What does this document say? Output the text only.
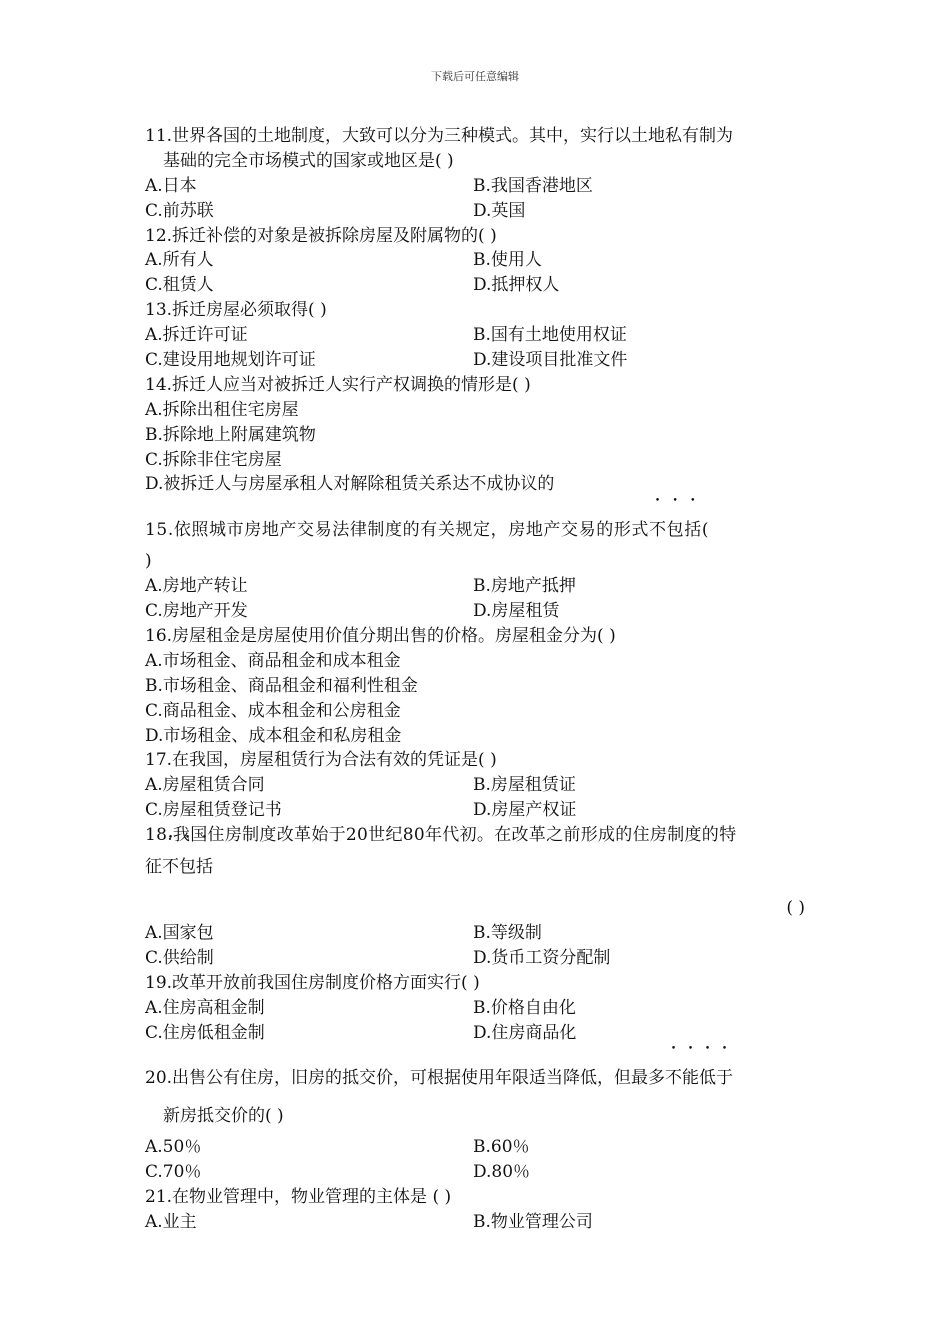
下载后可任意编辑
11.世界各国的土地制度，大致可以分为三种模式。其中，实行以土地私有制为
基础的完全市场模式的国家或地区是( )
A.日本	B.我国香港地区
C.前苏联	D.英国
12.拆迁补偿的对象是被拆除房屋及附属物的( )
A.所有人	B.使用人
C.租赁人	D.抵押权人
13.拆迁房屋必须取得( )
A.拆迁许可证	B.国有土地使用权证
C.建设用地规划许可证	D.建设项目批准文件
14.拆迁人应当对被拆迁人实行产权调换的情形是( )
A.拆除出租住宅房屋
B.拆除地上附属建筑物
C.拆除非住宅房屋
D.被拆迁人与房屋承租人对解除租赁关系达不成协议的
15.依照城市房地产交易法律制度的有关规定，房地产交易的形式不包括(
)
A.房地产转让	B.房地产抵押
C.房地产开发	D.房屋租赁
16.房屋租金是房屋使用价值分期出售的价格。房屋租金分为( )
A.市场租金、商品租金和成本租金
B.市场租金、商品租金和福利性租金
C.商品租金、成本租金和公房租金
D.市场租金、成本租金和私房租金
17.在我国，房屋租赁行为合法有效的凭证是( )
A.房屋租赁合同	B.房屋租赁证
C.房屋租赁登记书	D.房屋产权证
18.我国住房制度改革始于20世纪80年代初。在改革之前形成的住房制度的特
征不包括
( )
A.国家包	B.等级制
C.供给制	D.货币工资分配制
19.改革开放前我国住房制度价格方面实行( )
A.住房高租金制	B.价格自由化
C.住房低租金制	D.住房商品化
20.出售公有住房，旧房的抵交价，可根据使用年限适当降低，但最多不能低于
新房抵交价的( )
A.50％	B.60％
C.70％	D.80％
21.在物业管理中，物业管理的主体是 ( )
A.业主	B.物业管理公司
